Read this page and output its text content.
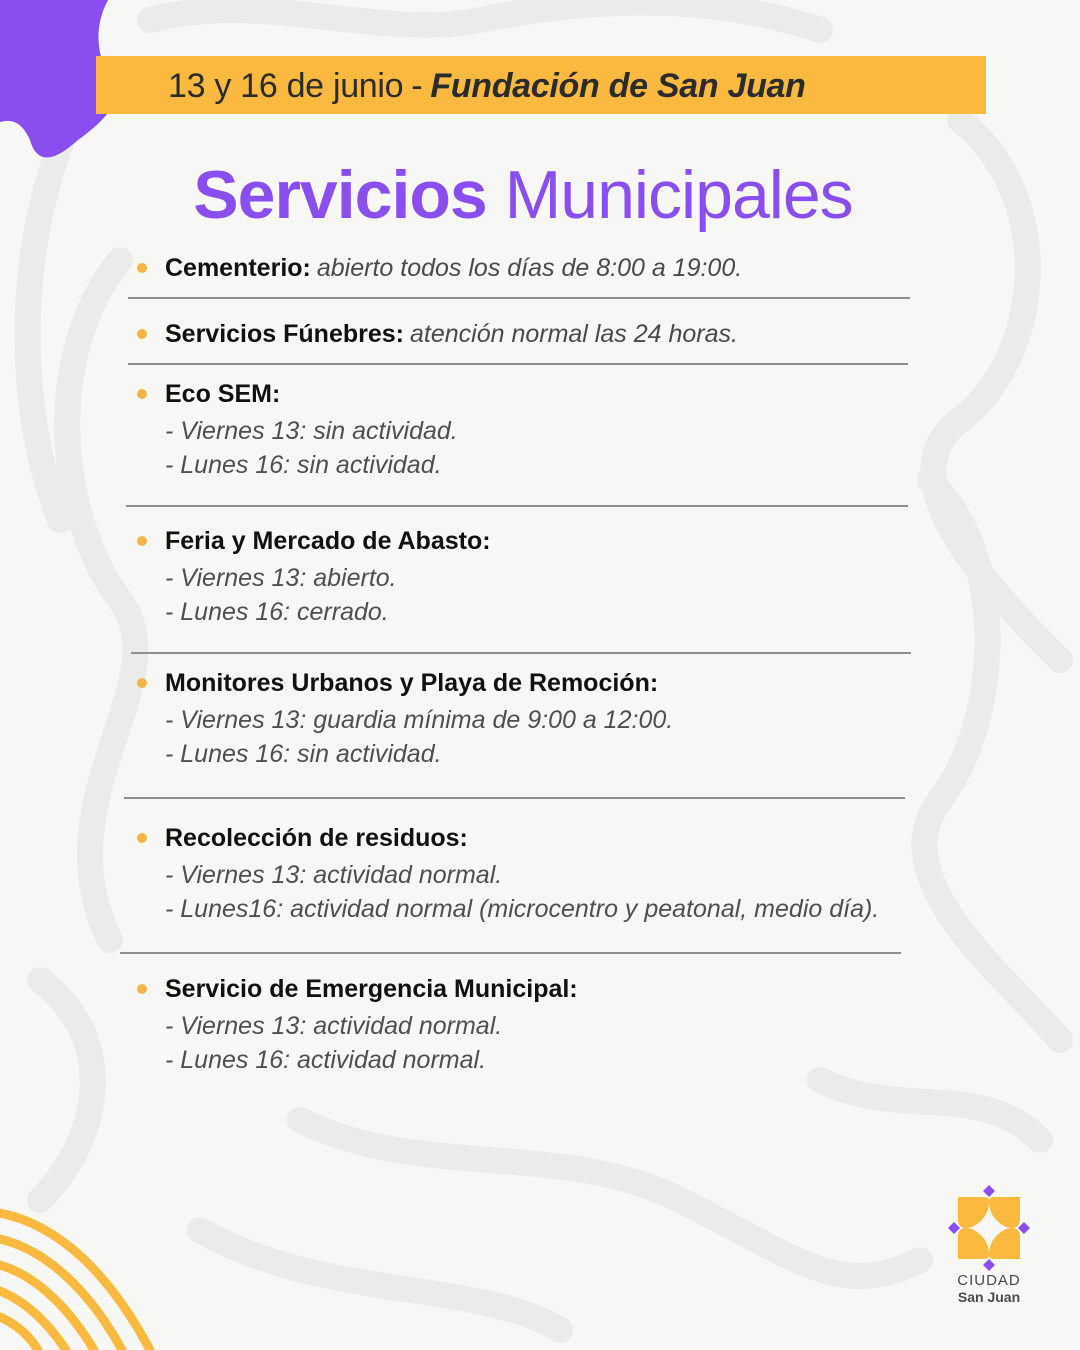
13 y 16 de junio - Fundación de San Juan
Servicios Municipales
Cementerio: abierto todos los días de 8:00 a 19:00.
Servicios Fúnebres: atención normal las 24 horas.
Eco SEM:
- Viernes 13: sin actividad.
- Lunes 16: sin actividad.
Feria y Mercado de Abasto:
- Viernes 13: abierto.
- Lunes 16: cerrado.
Monitores Urbanos y Playa de Remoción:
- Viernes 13: guardia mínima de 9:00 a 12:00.
- Lunes 16: sin actividad.
Recolección de residuos:
- Viernes 13: actividad normal.
- Lunes16: actividad normal (microcentro y peatonal, medio día).
Servicio de Emergencia Municipal:
- Viernes 13: actividad normal.
- Lunes 16: actividad normal.
CIUDAD
San Juan
